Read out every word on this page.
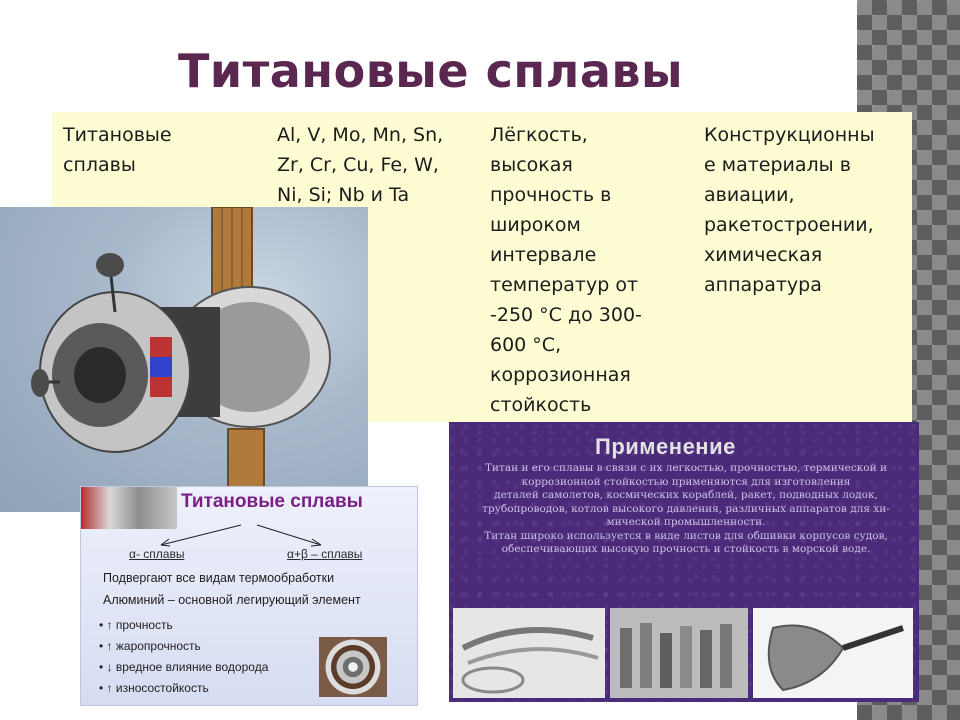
Титановые сплавы
Титановые
сплавы
Al, V, Mo, Mn, Sn,
Zr, Cr, Cu, Fe, W,
Ni, Si; Nb и Ta
Лёгкость,
высокая
прочность в
широком
интервале
температур от
-250 °C до 300-
600 °C,
коррозионная
стойкость
Конструкционны
е материалы в
авиации,
ракетостроении,
химическая
аппаратура
Титановые сплавы
α- сплавы	α+β – сплавы
Подвергают все видам термообработки
Алюминий – основной легирующий элемент
• ↑ прочность
• ↑ жаропрочность
• ↓ вредное влияние водорода
• ↑ износостойкость
Применение

Титан и его сплавы в связи с их легкостью, прочностью, термической и коррозионной стойкостью применяются для изготовления

деталей самолетов, космических кораблей, ракет, подводных лодок, трубопроводов, котлов высокого давления, различных аппаратов для хи-мической промышленности.

Титан широко используется в виде листов для обшивки корпусов судов, обеспечивающих высокую прочность и стойкость в морской воде.
